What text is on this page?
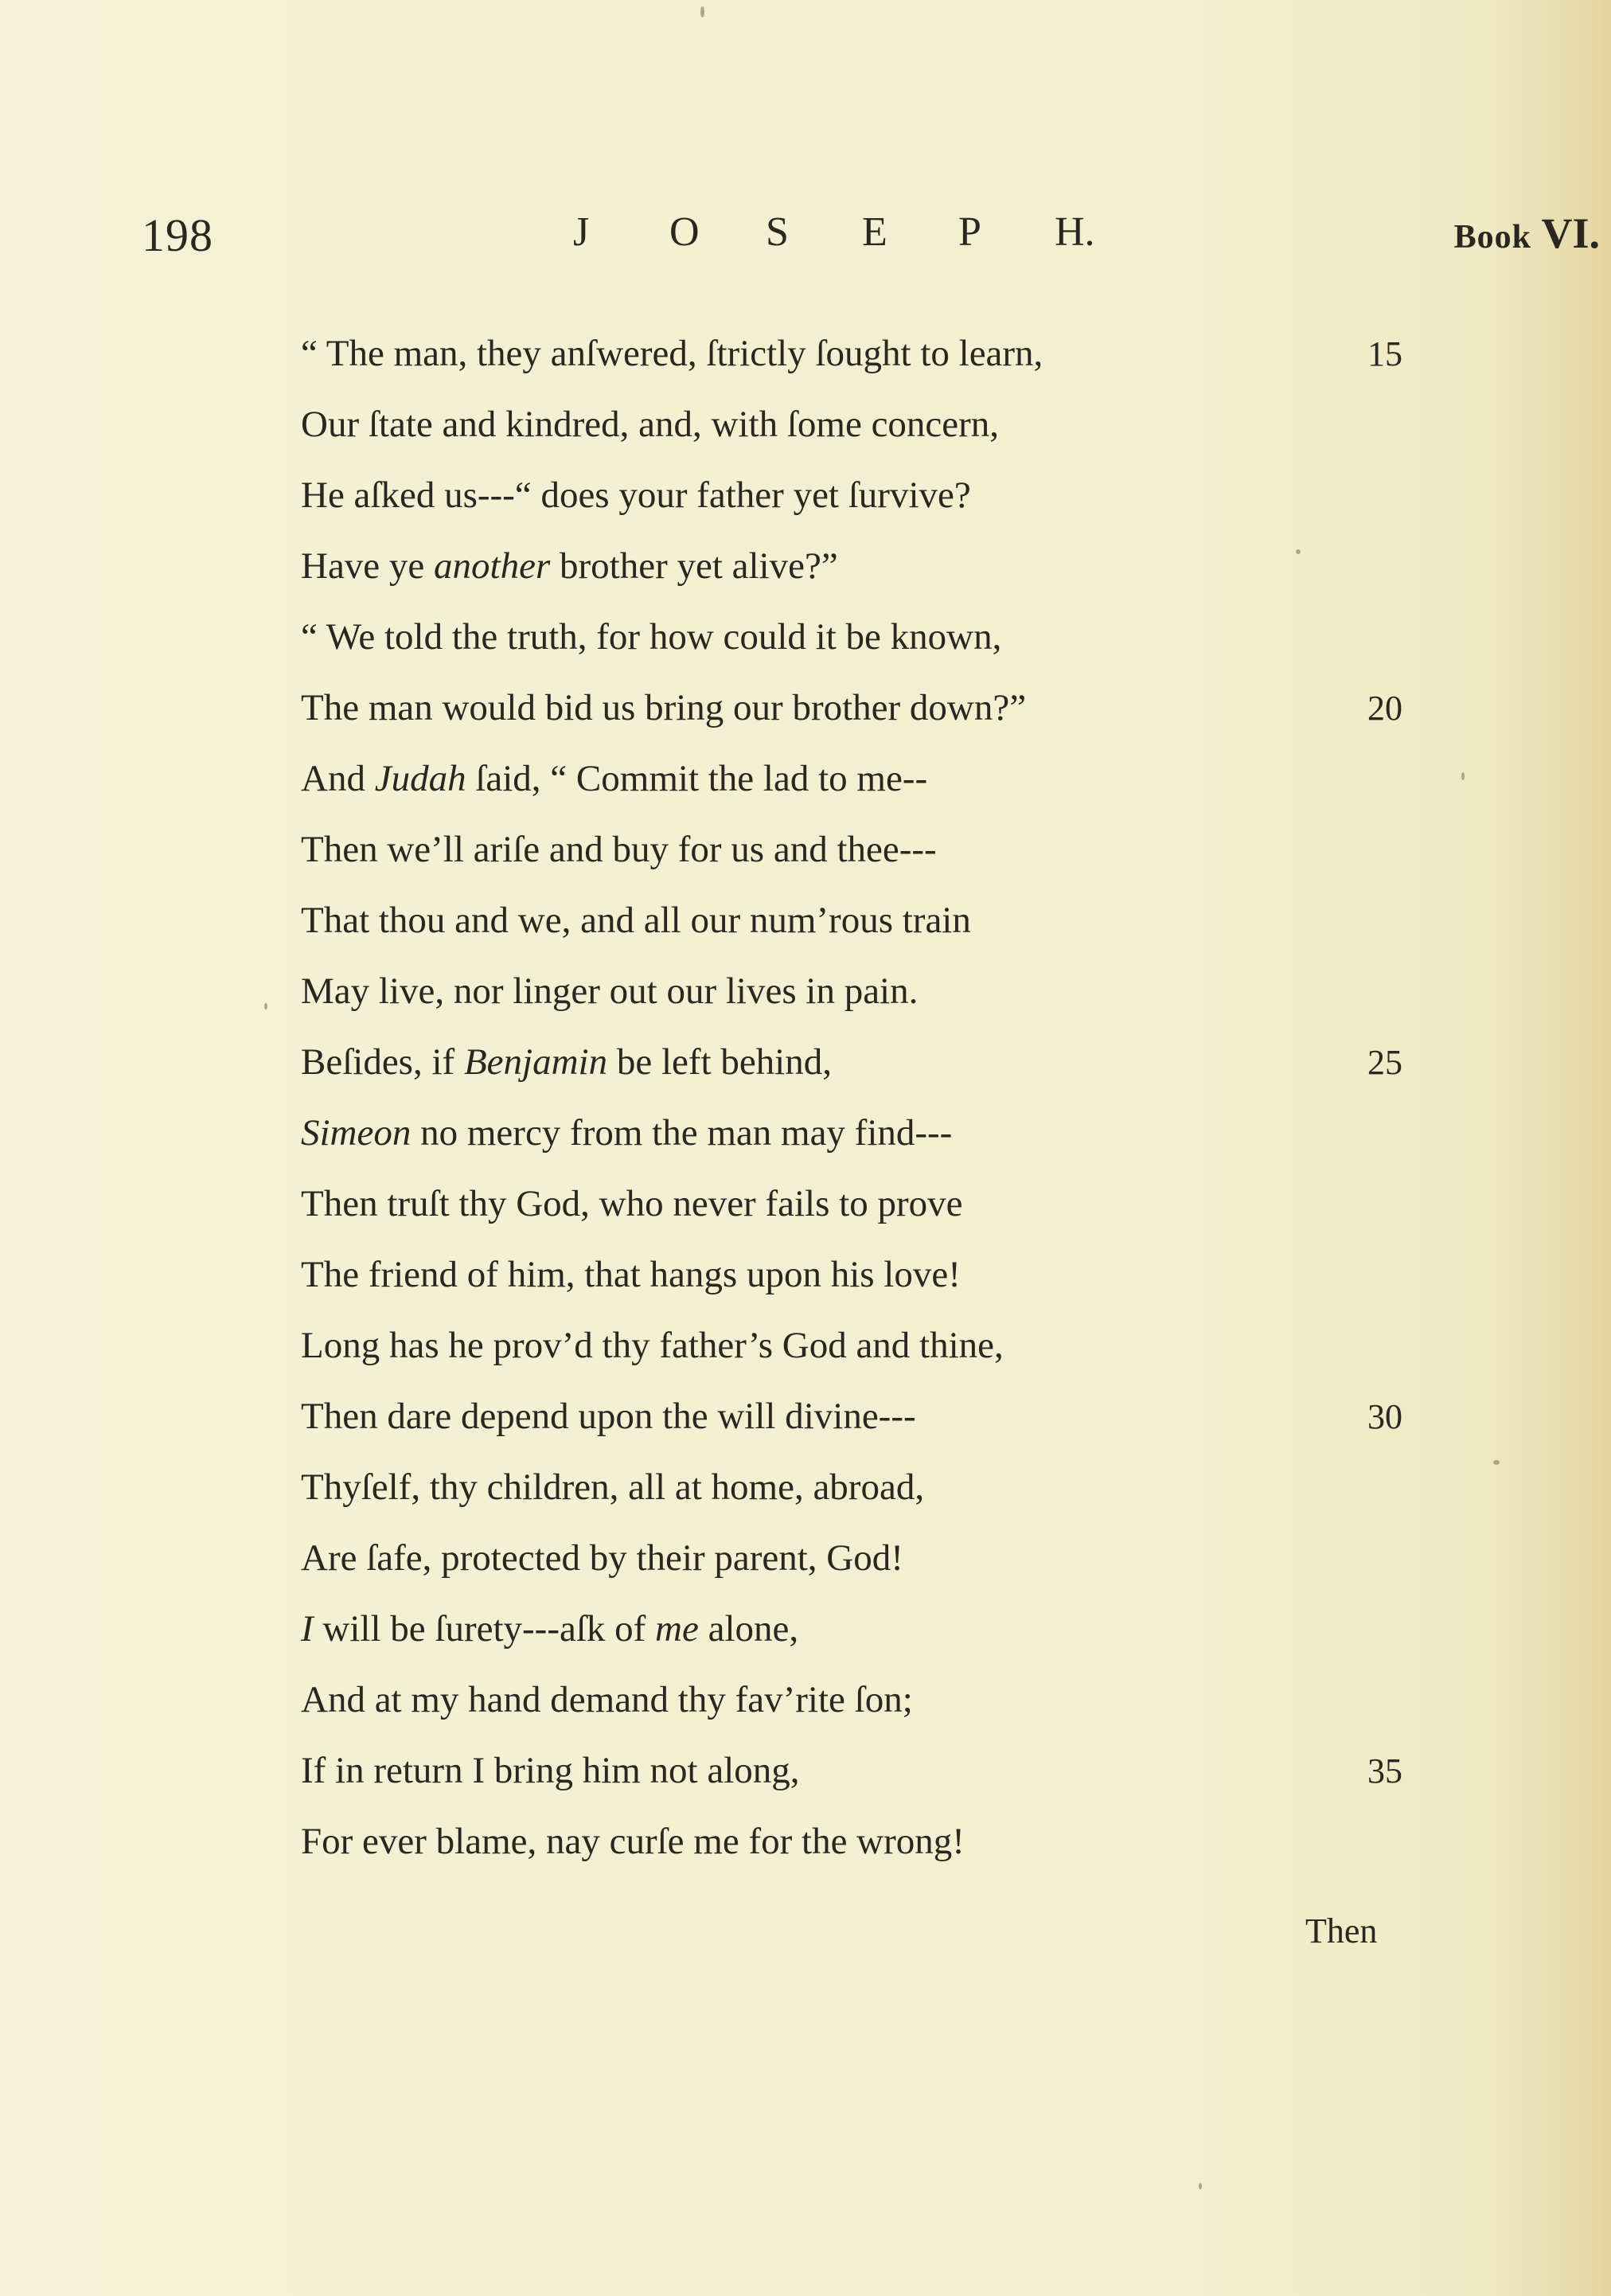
198	J O S E P H.	Book VI.
“ The man, they anſwered, ſtrictly ſought to learn,	15
Our ſtate and kindred, and, with ſome concern,
He aſked us---“ does your father yet ſurvive?
Have ye another brother yet alive?”
“ We told the truth, for how could it be known,
The man would bid us bring our brother down?”	20
And Judah ſaid, “ Commit the lad to me--
Then we’ll ariſe and buy for us and thee---
That thou and we, and all our num’rous train
May live, nor linger out our lives in pain.
Beſides, if Benjamin be left behind,	25
Simeon no mercy from the man may find---
Then truſt thy God, who never fails to prove
The friend of him, that hangs upon his love!
Long has he prov’d thy father’s God and thine,
Then dare depend upon the will divine---	30
Thyſelf, thy children, all at home, abroad,
Are ſafe, protected by their parent, God!
I will be ſurety---aſk of me alone,
And at my hand demand thy fav’rite ſon;
If in return I bring him not along,	35
For ever blame, nay curſe me for the wrong!
Then
